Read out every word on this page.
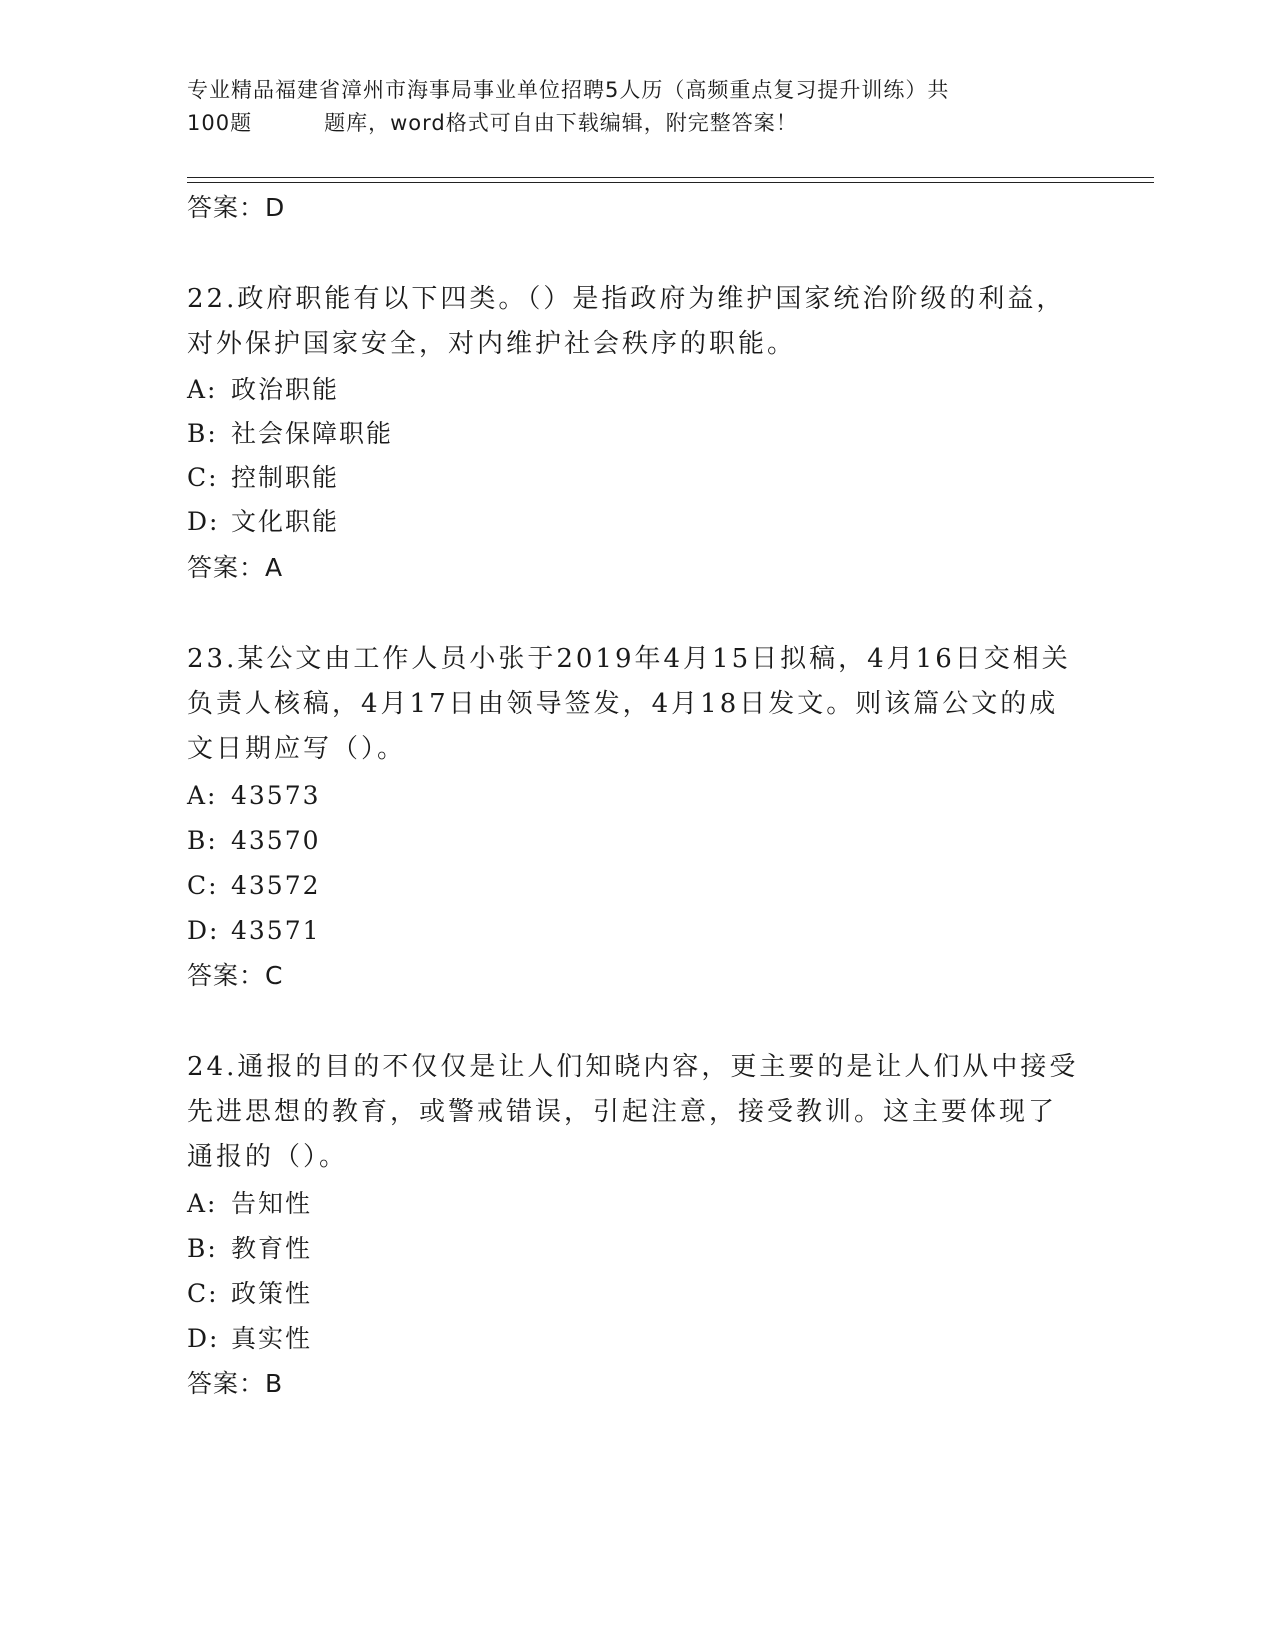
专业精品福建省漳州市海事局事业单位招聘5人历（高频重点复习提升训练）共
100题	题库，word格式可自由下载编辑，附完整答案！
答案：D
22.政府职能有以下四类。（）是指政府为维护国家统治阶级的利益，
对外保护国家安全，对内维护社会秩序的职能。
A: 政治职能
B: 社会保障职能
C: 控制职能
D: 文化职能
答案：A
23.某公文由工作人员小张于2019年4月15日拟稿，4月16日交相关
负责人核稿，4月17日由领导签发，4月18日发文。则该篇公文的成
文日期应写（）。
A: 43573
B: 43570
C: 43572
D: 43571
答案：C
24.通报的目的不仅仅是让人们知晓内容，更主要的是让人们从中接受
先进思想的教育，或警戒错误，引起注意，接受教训。这主要体现了
通报的（）。
A: 告知性
B: 教育性
C: 政策性
D: 真实性
答案：B
